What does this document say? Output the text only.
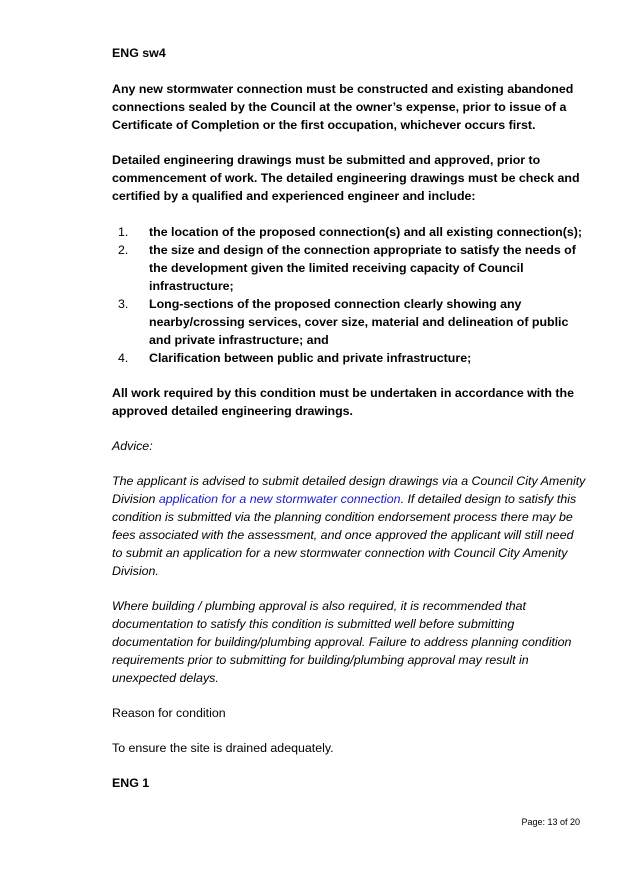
ENG sw4

Any new stormwater connection must be constructed and existing abandoned connections sealed by the Council at the owner’s expense, prior to issue of a Certificate of Completion or the first occupation, whichever occurs first.

Detailed engineering drawings must be submitted and approved, prior to commencement of work. The detailed engineering drawings must be check and certified by a qualified and experienced engineer and include:

1. the location of the proposed connection(s) and all existing connection(s);
2. the size and design of the connection appropriate to satisfy the needs of the development given the limited receiving capacity of Council infrastructure;
3. Long-sections of the proposed connection clearly showing any nearby/crossing services, cover size, material and delineation of public and private infrastructure; and
4. Clarification between public and private infrastructure;

All work required by this condition must be undertaken in accordance with the approved detailed engineering drawings.

Advice:

The applicant is advised to submit detailed design drawings via a Council City Amenity Division application for a new stormwater connection. If detailed design to satisfy this condition is submitted via the planning condition endorsement process there may be fees associated with the assessment, and once approved the applicant will still need to submit an application for a new stormwater connection with Council City Amenity Division.

Where building / plumbing approval is also required, it is recommended that documentation to satisfy this condition is submitted well before submitting documentation for building/plumbing approval. Failure to address planning condition requirements prior to submitting for building/plumbing approval may result in unexpected delays.

Reason for condition

To ensure the site is drained adequately.

ENG 1

Page: 13 of 20
